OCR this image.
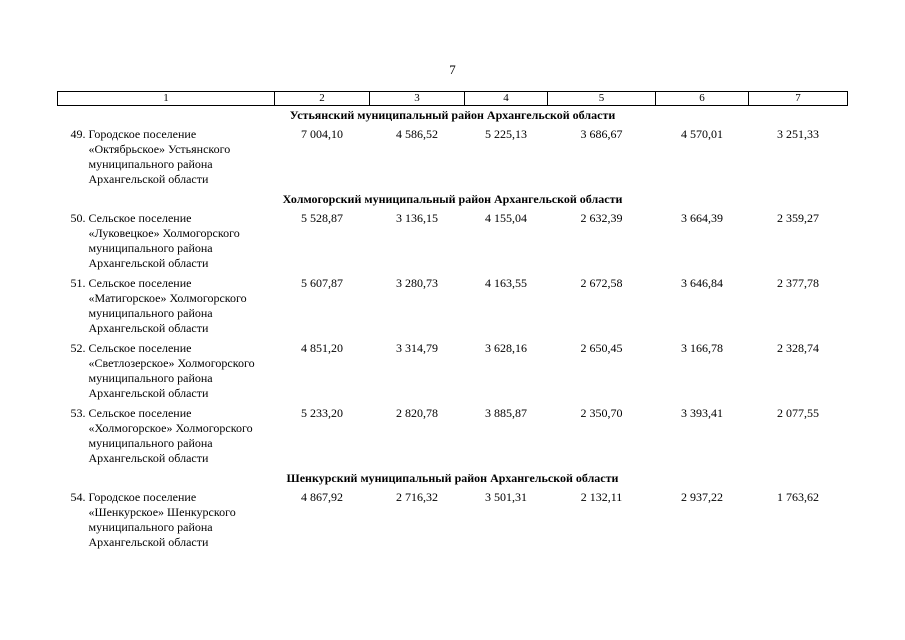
7
1	2	3	4	5	6	7
Устьянский муниципальный район Архангельской области						

49. Городское поселение
«Октябрьское» Устьянского
муниципального района
Архангельской области	7 004,10	4 586,52	5 225,13	3 686,67	4 570,01	3 251,33
Холмогорский муниципальный район Архангельской области						

50. Сельское поселение
«Луковецкое» Холмогорского
муниципального района
Архангельской области	5 528,87	3 136,15	4 155,04	2 632,39	3 664,39	2 359,27

51. Сельское поселение
«Матигорское» Холмогорского
муниципального района
Архангельской области	5 607,87	3 280,73	4 163,55	2 672,58	3 646,84	2 377,78

52. Сельское поселение
«Светлозерское» Холмогорского
муниципального района
Архангельской области	4 851,20	3 314,79	3 628,16	2 650,45	3 166,78	2 328,74

53. Сельское поселение
«Холмогорское» Холмогорского
муниципального района
Архангельской области	5 233,20	2 820,78	3 885,87	2 350,70	3 393,41	2 077,55
Шенкурский муниципальный район Архангельской области						

54. Городское поселение
«Шенкурское» Шенкурского
муниципального района
Архангельской области	4 867,92	2 716,32	3 501,31	2 132,11	2 937,22	1 763,62
